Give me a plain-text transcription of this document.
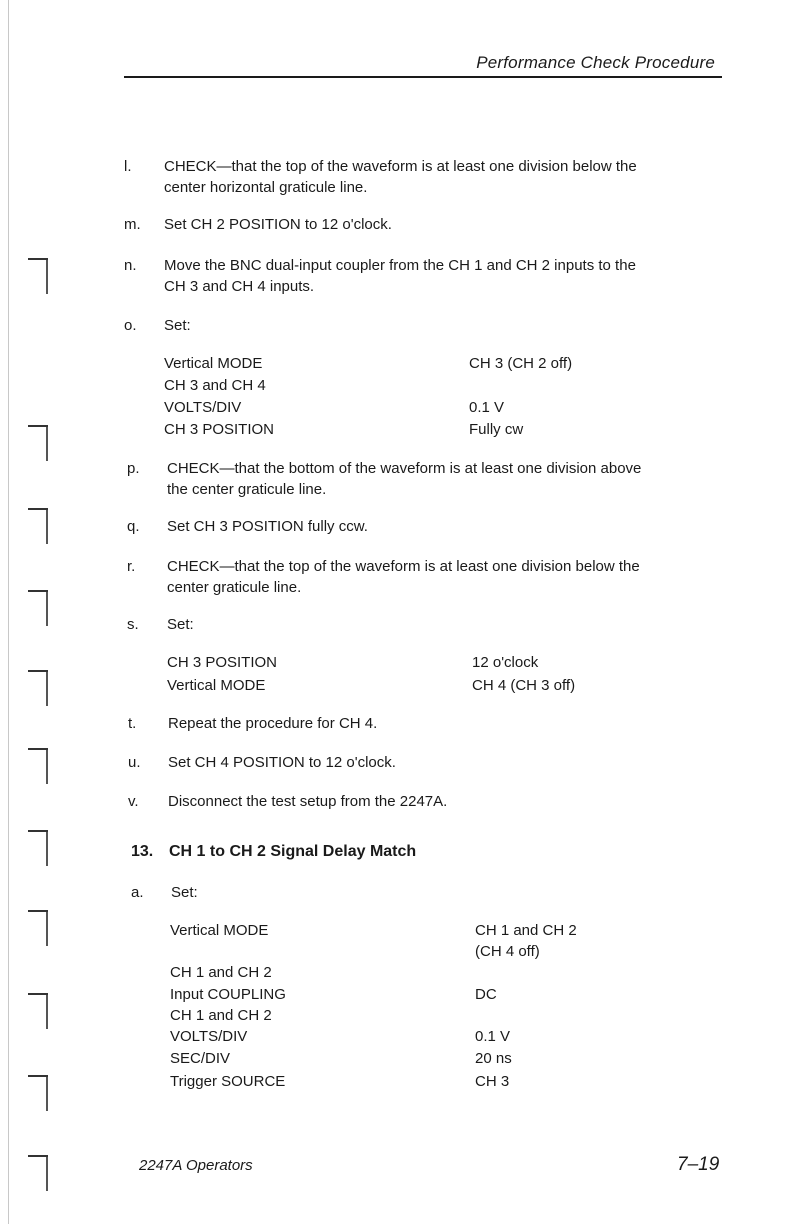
Performance Check Procedure
l.	CHECK—that the top of the waveform is at least one division below the
center horizontal graticule line.
m.	Set CH 2 POSITION to 12 o'clock.
n.	Move the BNC dual-input coupler from the CH 1 and CH 2 inputs to the
CH 3 and CH 4 inputs.
o.	Set:
Vertical MODE	CH 3 (CH 2 off)
CH 3 and CH 4
VOLTS/DIV	0.1 V
CH 3 POSITION	Fully cw
p.	CHECK—that the bottom of the waveform is at least one division above
the center graticule line.
q.	Set CH 3 POSITION fully ccw.
r.	CHECK—that the top of the waveform is at least one division below the
center graticule line.
s.	Set:
CH 3 POSITION	12 o'clock
Vertical MODE	CH 4 (CH 3 off)
t.	Repeat the procedure for CH 4.
u.	Set CH 4 POSITION to 12 o'clock.
v.	Disconnect the test setup from the 2247A.
13. CH 1 to CH 2 Signal Delay Match
a.	Set:
Vertical MODE	CH 1 and CH 2
(CH 4 off)
CH 1 and CH 2
Input COUPLING	DC
CH 1 and CH 2
VOLTS/DIV	0.1 V
SEC/DIV	20 ns
Trigger SOURCE	CH 3
2247A Operators	7–19
